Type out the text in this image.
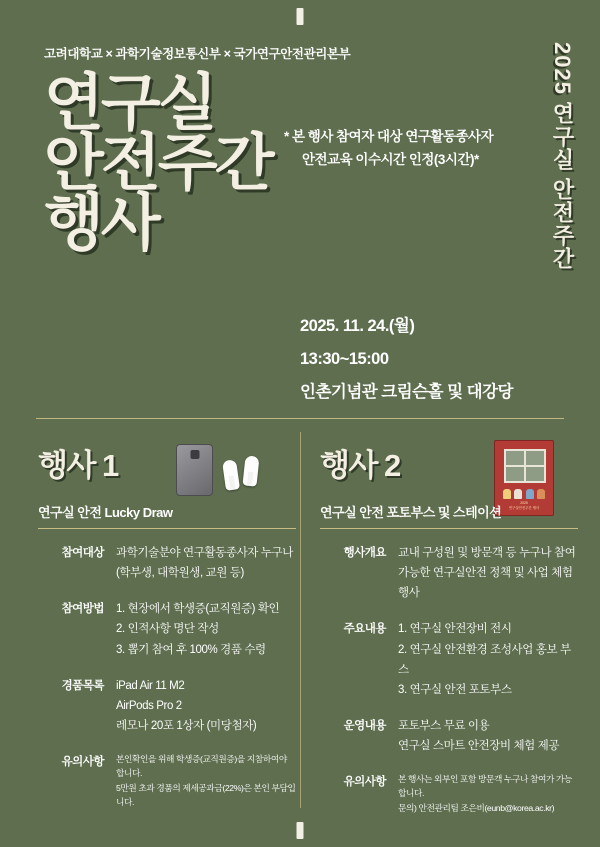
고려대학교 × 과학기술정보통신부 × 국가연구안전관리본부
연구실
안전주간
행사	2025 연구실 안전주간
* 본 행사 참여자 대상 연구활동종사자
안전교육 이수시간 인정(3시간)*
2025. 11. 24.(월)
13:30~15:00
인촌기념관 크림슨홀 및 대강당
2025
연구실안전주간 행사
행사 1
연구실 안전 Lucky Draw
참여대상 과학기술분야 연구활동종사자 누구나
(학부생, 대학원생, 교원 등)
참여방법 1. 현장에서 학생증(교직원증) 확인
2. 인적사항 명단 작성
3. 뽑기 참여 후 100% 경품 수령
경품목록 iPad Air 11 M2
AirPods Pro 2
레모나 20포 1상자 (미당첨자)
유의사항 본인확인을 위해 학생증(교직원증)을 지참하여야 합니다.
5만원 초과 경품의 제세공과금(22%)은 본인 부담입니다.
행사 2
연구실 안전 포토부스 및 스테이션
행사개요 교내 구성원 및 방문객 등 누구나 참여
가능한 연구실안전 정책 및 사업 체험 행사
주요내용 1. 연구실 안전장비 전시
2. 연구실 안전환경 조성사업 홍보 부스
3. 연구실 안전 포토부스
운영내용 포토부스 무료 이용
연구실 스마트 안전장비 체험 제공
유의사항 본 행사는 외부인 포함 방문객 누구나 참여가 가능합니다.
문의) 안전관리팀 조은비(eunb@korea.ac.kr)
